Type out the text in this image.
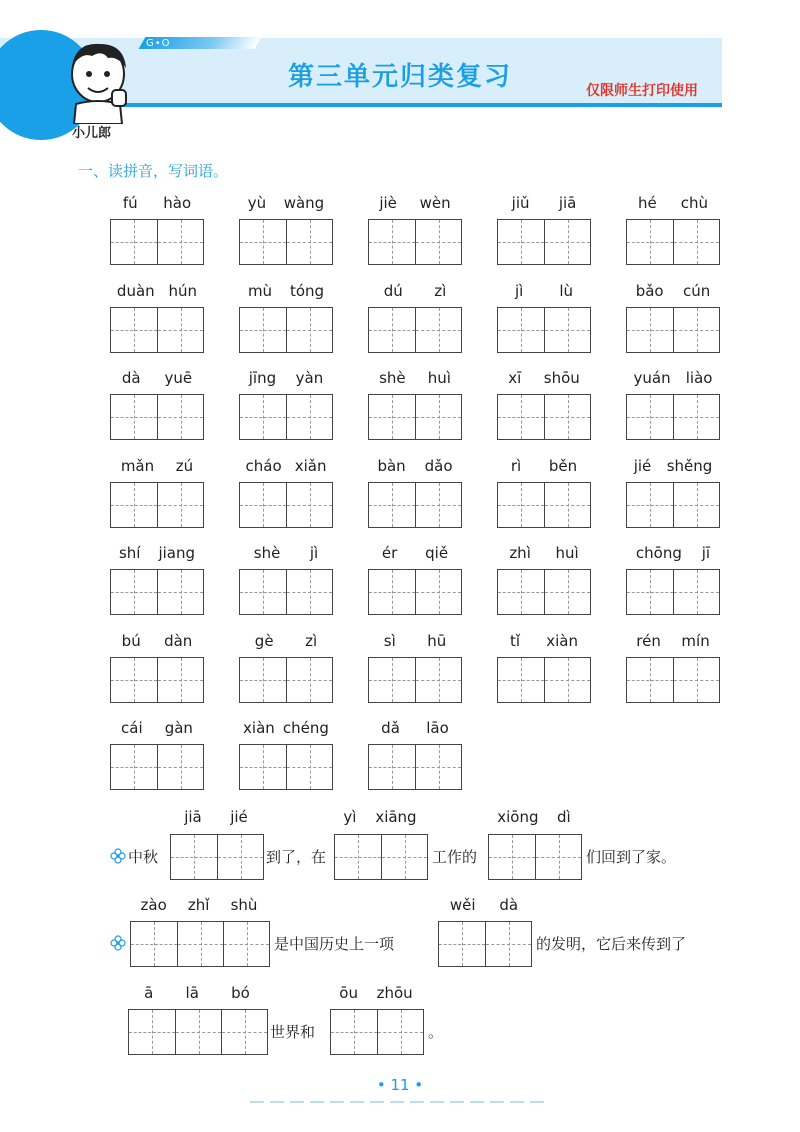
G•O
小儿郎
第三单元归类复习	仅限师生打印使用
一、读拼音，写词语。
fú hào	yù wàng	jiè wèn	jiǔ jiā	hé chù
duàn hún	mù tóng	dú zì	jì lù	bǎo cún
dà yuē	jīng yàn	shè huì	xī shōu	yuán liào
mǎn zú	cháo xiǎn	bàn dǎo	rì běn	jié shěng
shí jiang	shè jì	ér qiě	zhì huì	chōng jī
bú dàn	gè zì	sì hū	tǐ xiàn	rén mín
cái gàn	xiàn chéng	dǎ lāo
中秋
jiā jié
到了，在
yì xiāng
工作的
xiōng dì
们回到了家。
zào zhǐ shù
是中国历史上一项
wěi dà
的发明，它后来传到了
ā lā bó
世界和
ōu zhōu
。
• 11 •
